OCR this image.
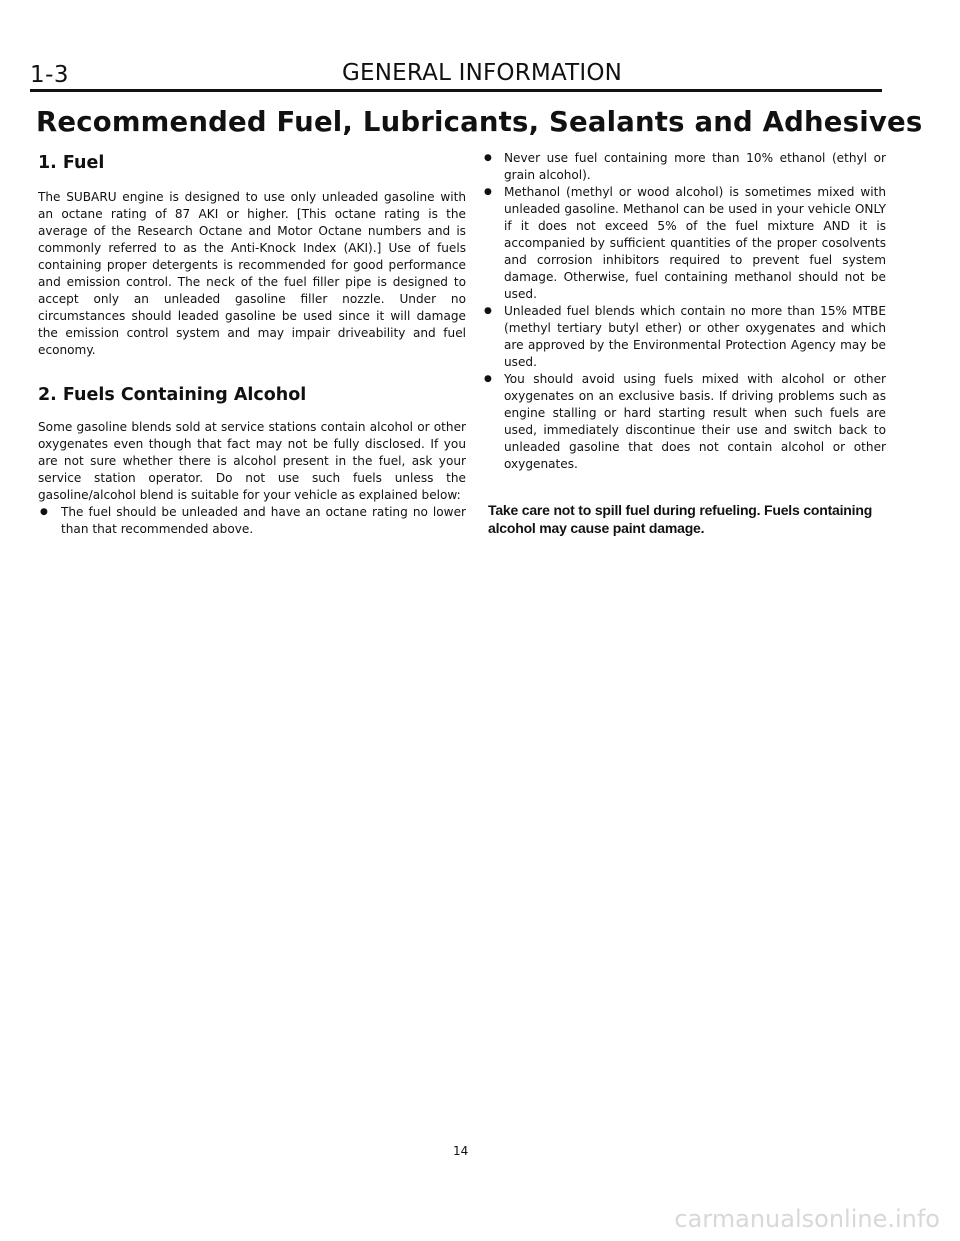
1-3	GENERAL INFORMATION
Recommended Fuel, Lubricants, Sealants and Adhesives
1. Fuel

The SUBARU engine is designed to use only unleaded gasoline with an octane rating of 87 AKI or higher. [This octane rating is the average of the Research Octane and Motor Octane numbers and is commonly referred to as the Anti-Knock Index (AKI).] Use of fuels containing proper detergents is recommended for good performance and emission control. The neck of the fuel filler pipe is designed to accept only an unleaded gasoline filler nozzle. Under no circumstances should leaded gasoline be used since it will damage the emission control system and may impair driveability and fuel economy.

2. Fuels Containing Alcohol

Some gasoline blends sold at service stations contain alcohol or other oxygenates even though that fact may not be fully disclosed. If you are not sure whether there is alcohol present in the fuel, ask your service station operator. Do not use such fuels unless the gasoline/alcohol blend is suitable for your vehicle as explained below:

● The fuel should be unleaded and have an octane rating no lower than that recommended above.
● Never use fuel containing more than 10% ethanol (ethyl or grain alcohol).
● Methanol (methyl or wood alcohol) is sometimes mixed with unleaded gasoline. Methanol can be used in your vehicle ONLY if it does not exceed 5% of the fuel mixture AND it is accompanied by sufficient quantities of the proper cosolvents and corrosion inhibitors required to prevent fuel system damage. Otherwise, fuel containing methanol should not be used.
● Unleaded fuel blends which contain no more than 15% MTBE (methyl tertiary butyl ether) or other oxygenates and which are approved by the Environmental Protection Agency may be used.
● You should avoid using fuels mixed with alcohol or other oxygenates on an exclusive basis. If driving problems such as engine stalling or hard starting result when such fuels are used, immediately discontinue their use and switch back to unleaded gasoline that does not contain alcohol or other oxygenates.

Take care not to spill fuel during refueling. Fuels containing alcohol may cause paint damage.

14
carmanualsonline.info
